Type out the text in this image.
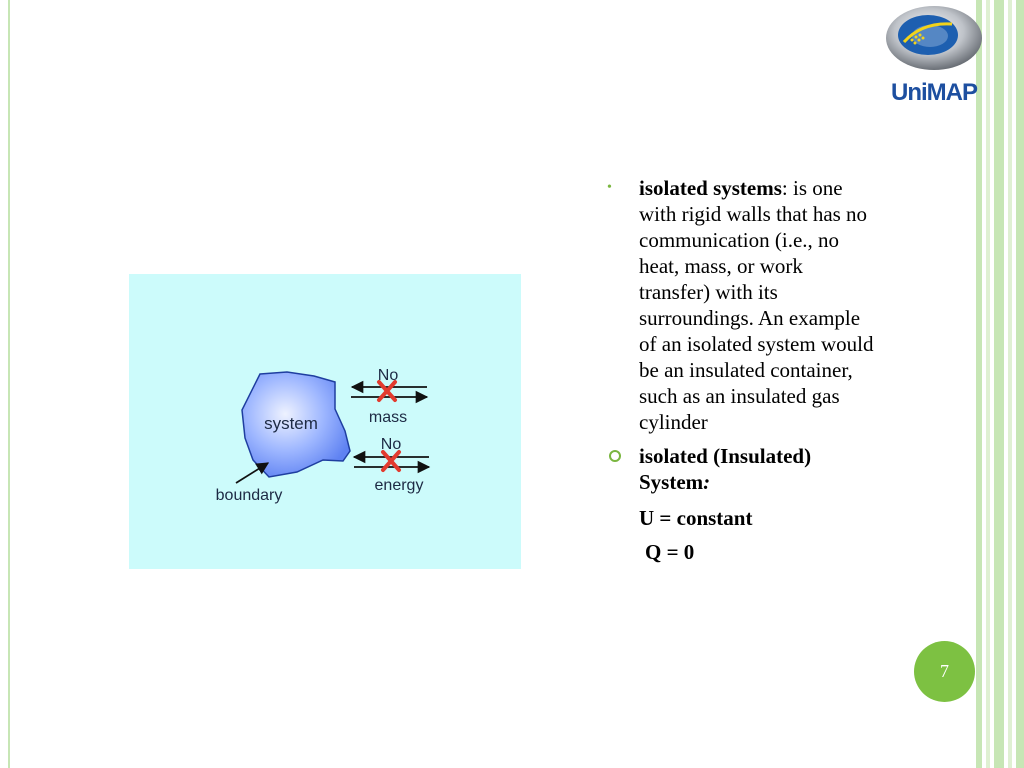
UniMAP
system
boundary
No
mass
No
energy
• isolated systems: is one with rigid walls that has no communication (i.e., no heat, mass, or work transfer) with its surroundings. An example of an isolated system would be an insulated container, such as an insulated gas cylinder
isolated (Insulated) System:
U = constant
Q = 0
7
